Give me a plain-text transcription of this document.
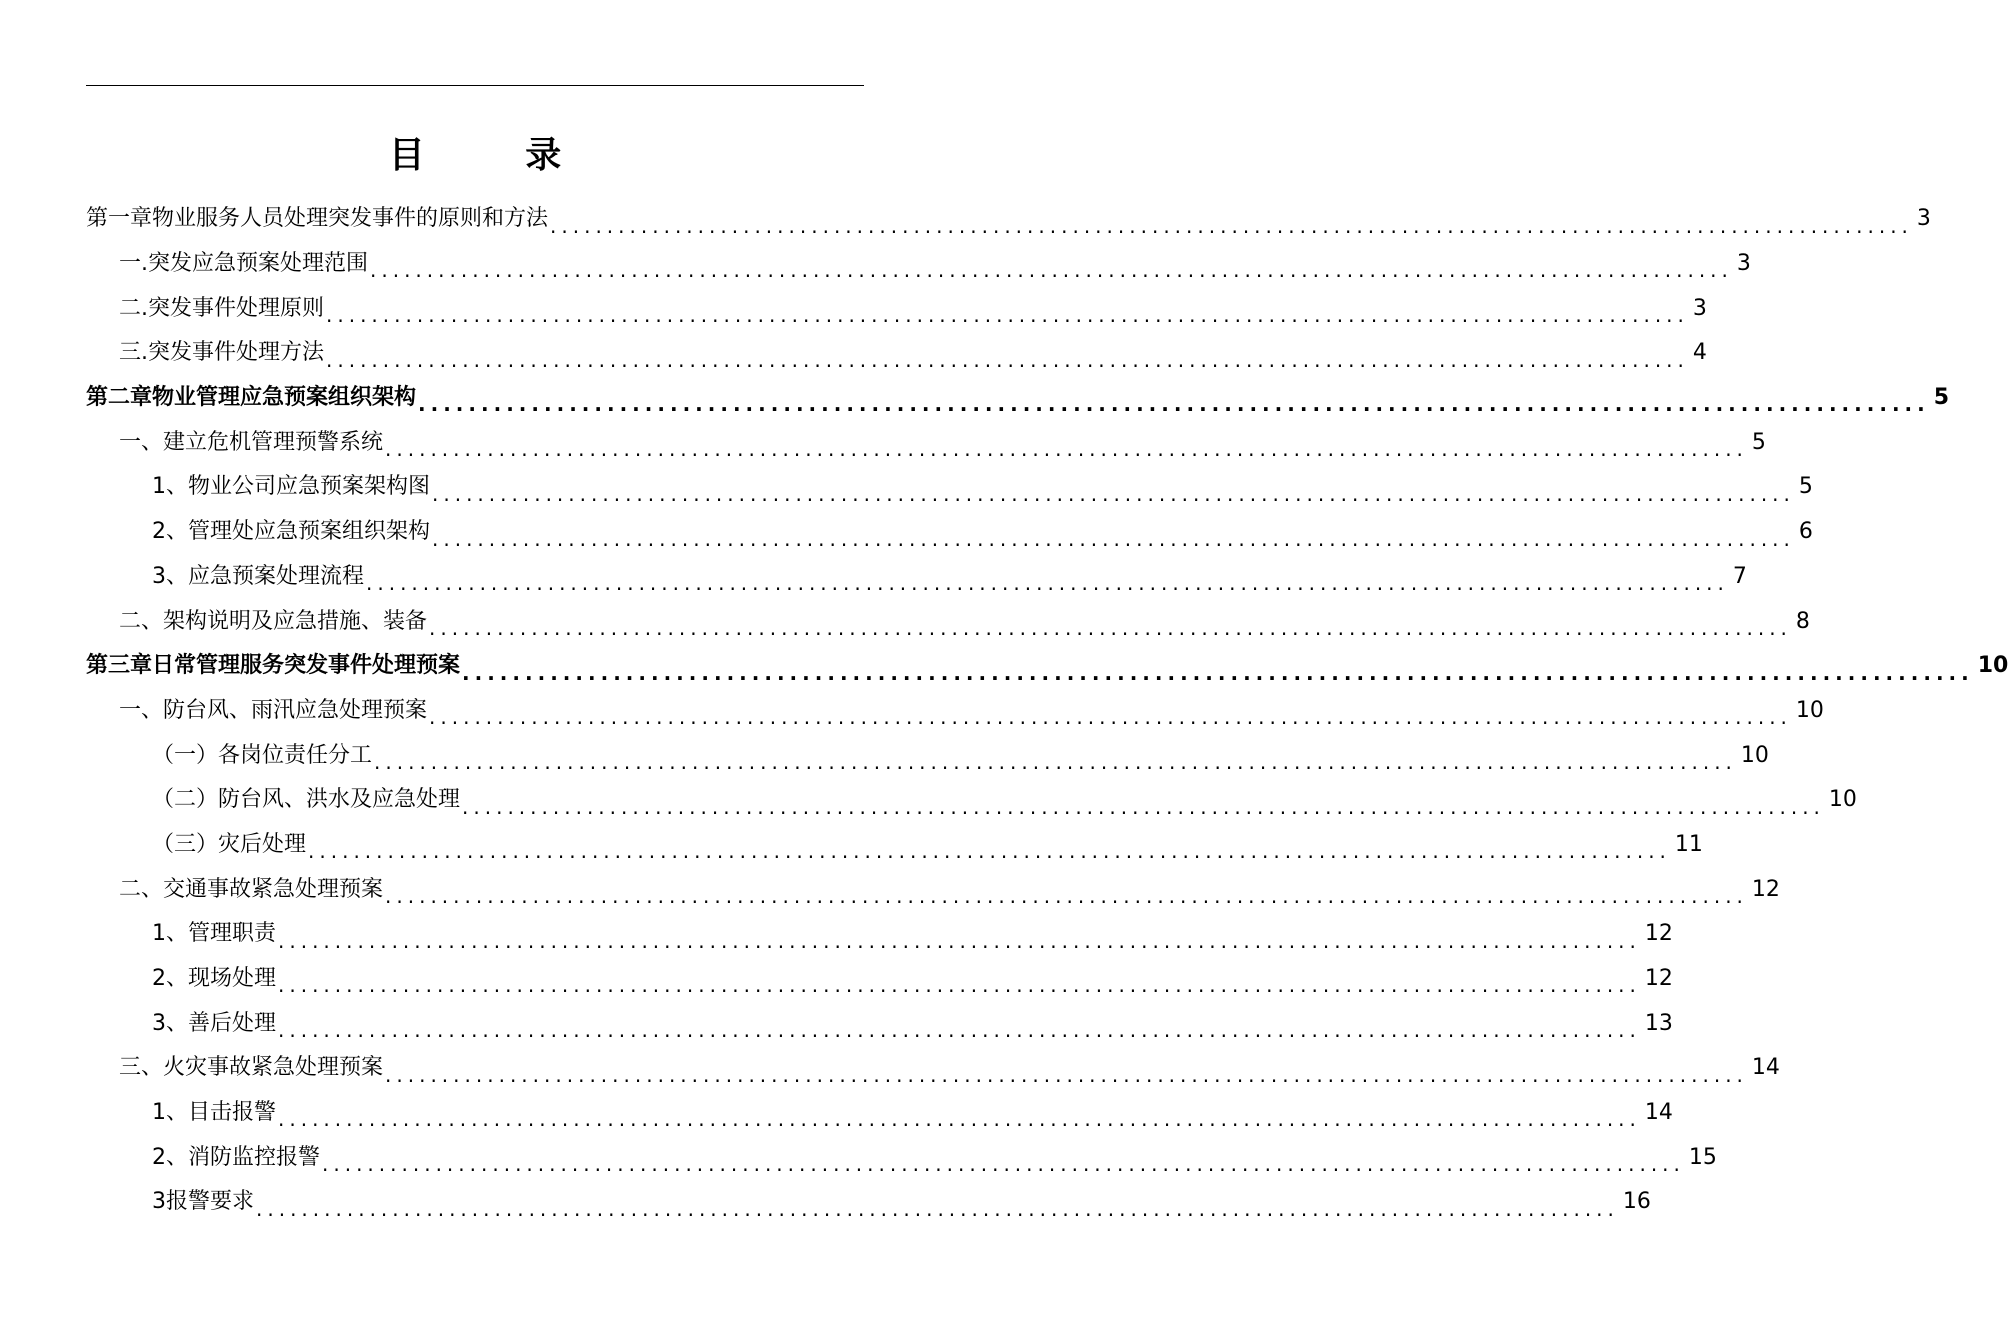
目 录
第一章物业服务人员处理突发事件的原则和方法 ........................................................................................................................ 3
一.突发应急预案处理范围 ........................................................................................................................ 3
二.突发事件处理原则 ........................................................................................................................ 3
三.突发事件处理方法 ........................................................................................................................ 4
第二章物业管理应急预案组织架构 ........................................................................................................................ 5
一、建立危机管理预警系统 ........................................................................................................................ 5
1、物业公司应急预案架构图 ........................................................................................................................ 5
2、管理处应急预案组织架构 ........................................................................................................................ 6
3、应急预案处理流程 ........................................................................................................................ 7
二、架构说明及应急措施、装备 ........................................................................................................................ 8
第三章日常管理服务突发事件处理预案 ........................................................................................................................ 10
一、防台风、雨汛应急处理预案 ........................................................................................................................ 10
（一）各岗位责任分工 ........................................................................................................................ 10
（二）防台风、洪水及应急处理 ........................................................................................................................ 10
（三）灾后处理 ........................................................................................................................ 11
二、交通事故紧急处理预案 ........................................................................................................................ 12
1、管理职责 ........................................................................................................................ 12
2、现场处理 ........................................................................................................................ 12
3、善后处理 ........................................................................................................................ 13
三、火灾事故紧急处理预案 ........................................................................................................................ 14
1、目击报警 ........................................................................................................................ 14
2、消防监控报警 ........................................................................................................................ 15
3报警要求 ........................................................................................................................ 16
